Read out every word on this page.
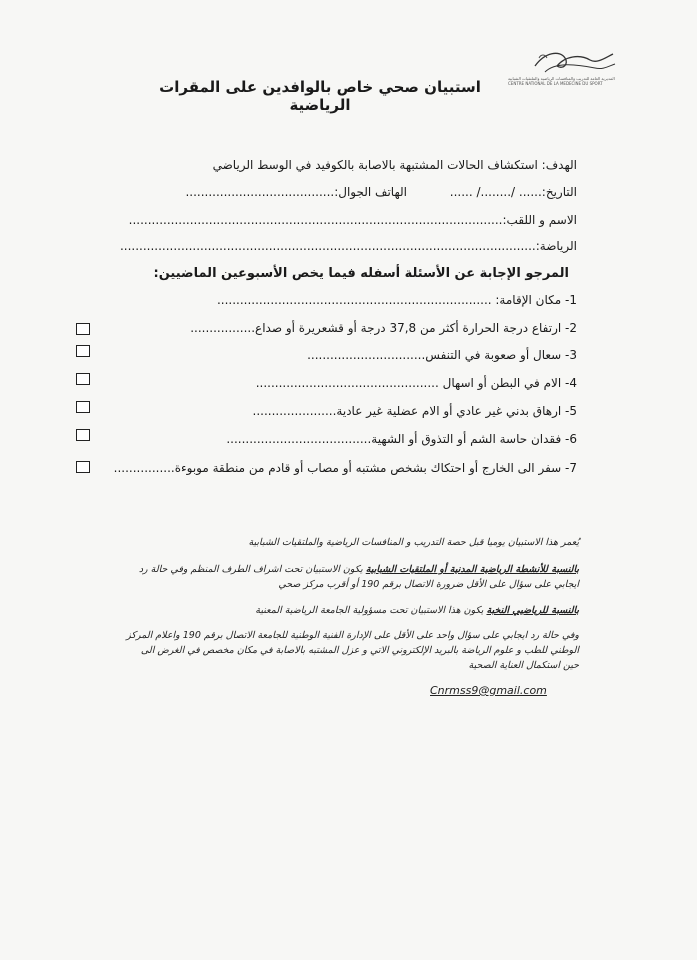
المديرية العامة للتدريب والمنافسات الرياضية والملتقيات الشبابية CENTRE NATIONAL DE LA MEDECINE DU SPORT
استبيان صحي خاص بالوافدين على المقرات الرياضية
الهدف: استكشاف الحالات المشتبهة بالاصابة بالكوفيد في الوسط الرياضي
التاريخ:...... /......../ ......
الهاتف الجوال:.......................................
الاسم و اللقب:..................................................................................................
الرياضة:.............................................................................................................
المرجو الإجابة عن الأسئلة أسفله فيما يخص الأسبوعين الماضيين:
1- مكان الإقامة: ........................................................................
2- ارتفاع درجة الحرارة أكثر من 37,8 درجة أو قشعريرة أو صداع.................
3- سعال أو صعوبة في التنفس...............................
4- الام في البطن أو اسهال ................................................
5- ارهاق بدني غير عادي أو الام عضلية غير عادية......................
6- فقدان حاسة الشم أو التذوق أو الشهية......................................
7- سفر الى الخارج أو احتكاك بشخص مشتبه أو مصاب أو قادم من منطقة موبوءة................
يُعمر هذا الاستبيان يوميا قبل حصة التدريب و المنافسات الرياضية والملتقيات الشبابية
بالنسبة للأنشطة الرياضية المدنية أو الملتقيات الشبابية يكون الاستبيان تحت اشراف الطرف المنظم وفي حالة رد
ايجابي على سؤال على الأقل ضرورة الاتصال برقم 190 أو أقرب مركز صحي
بالنسبة للرياضيي النخبة يكون هذا الاستبيان تحت مسؤولية الجامعة الرياضية المعنية
وفي حالة رد ايجابي على سؤال واحد على الأقل على الإدارة الفنية الوطنية للجامعة الاتصال برقم 190 واعلام المركز
الوطني للطب و علوم الرياضة بالبريد الإلكتروني الاتي و عزل المشتبه بالاصابة في مكان مخصص في الغرض الى
حين استكمال العناية الصحية
Cnrmss9@gmail.com
